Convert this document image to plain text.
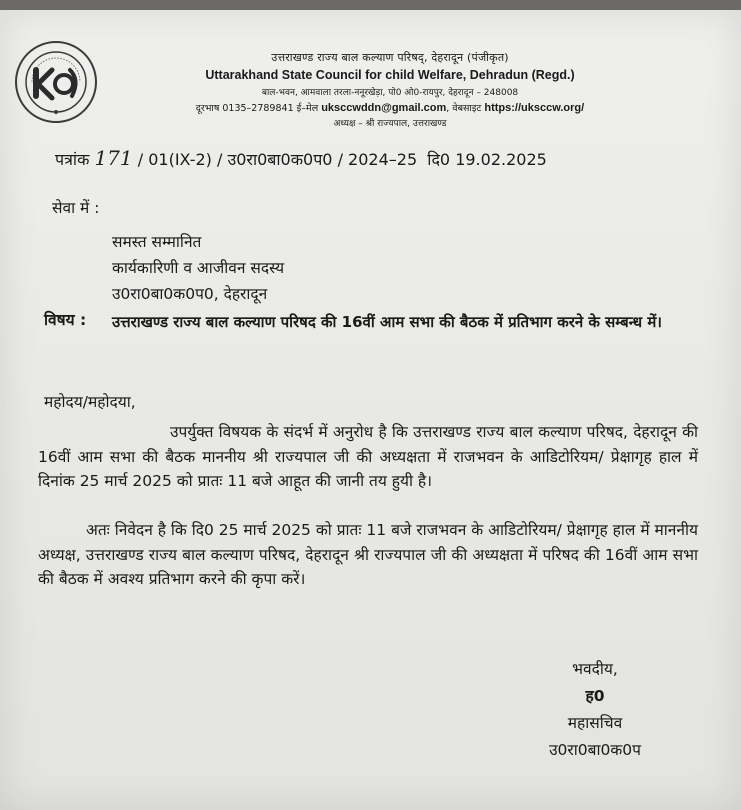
उत्तराखण्ड राज्य बाल कल्याण परिषद्, देहरादून (पंजीकृत)
Uttarakhand State Council for child Welfare, Dehradun (Regd.)
बाल-भवन, आमवाला तरला-ननूरखेड़ा, पो0 ओ0-रायपुर, देहरादून – 248008
दूरभाष 0135–2789841 ई–मेल uksccwddn@gmail.com, वेबसाइट https://uksccw.org/
अध्यक्ष – श्री राज्यपाल, उत्तराखण्ड
पत्रांक 171 / 01(IX-2) / उ0रा0बा0क0प0 / 2024–25 दि0 19.02.2025
सेवा में :
समस्त सम्मानित
कार्यकारिणी व आजीवन सदस्य
उ0रा0बा0क0प0, देहरादून
विषय : उत्तराखण्ड राज्य बाल कल्याण परिषद की 16वीं आम सभा की बैठक में प्रतिभाग करने के सम्बन्ध में।
महोदय/महोदया,
उपर्युक्त विषयक के संदर्भ में अनुरोध है कि उत्तराखण्ड राज्य बाल कल्याण परिषद, देहरादून की 16वीं आम सभा की बैठक माननीय श्री राज्यपाल जी की अध्यक्षता में राजभवन के आडिटोरियम/ प्रेक्षागृह हाल में दिनांक 25 मार्च 2025 को प्रातः 11 बजे आहूत की जानी तय हुयी है।
अतः निवेदन है कि दि0 25 मार्च 2025 को प्रातः 11 बजे राजभवन के आडिटोरियम/ प्रेक्षागृह हाल में माननीय अध्यक्ष, उत्तराखण्ड राज्य बाल कल्याण परिषद, देहरादून श्री राज्यपाल जी की अध्यक्षता में परिषद की 16वीं आम सभा की बैठक में अवश्य प्रतिभाग करने की कृपा करें।
भवदीय,
ह0
महासचिव
उ0रा0बा0क0प
